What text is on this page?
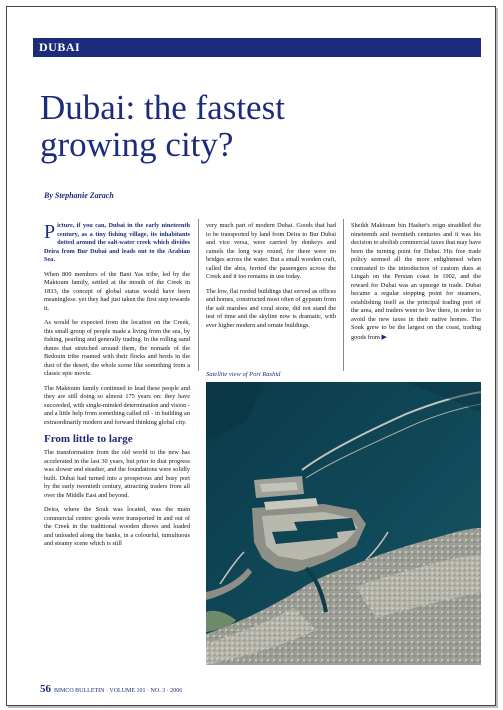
DUBAI
Dubai: the fastest
growing city?
By Stephanie Zarach

Picture, if you can, Dubai in the early nineteenth century, as a tiny fishing village, its inhabitants dotted around the salt-water creek which divides Deira from Bur Dubai and leads out to the Arabian Sea.

When 800 members of the Bani Yas tribe, led by the Maktoum family, settled at the mouth of the Creek in 1833, the concept of global status would have been meaningless: yet they had just taken the first step towards it.

As would be expected from the location on the Creek, this small group of people made a living from the sea, by fishing, pearling and generally trading. In the rolling sand dunes that stretched around them, the nomads of the Bedouin tribe roamed with their flocks and herds in the dust of the desert, the whole scene like something from a classic epic movie.

The Maktoum family continued to lead these people and they are still doing so almost 175 years on: they have succeeded, with single-minded determination and vision - and a little help from something called oil - in building an extraordinarily modern and forward thinking global city.

From little to large

The transformation from the old world to the new has accelerated in the last 30 years, but prior to that progress was slower and steadier, and the foundations were solidly built. Dubai had turned into a prosperous and busy port by the early twentieth century, attracting traders from all over the Middle East and beyond.

Deira, where the Souk was located, was the main commercial centre: goods were transported in and out of the Creek in the traditional wooden dhows and loaded and unloaded along the banks, in a colourful, tumultuous and steamy scene which is still

very much part of modern Dubai. Goods that had to be transported by land from Deira to Bur Dubai and vice versa, were carried by donkeys and camels the long way round, for there were no bridges across the water. But a small wooden craft, called the abra, ferried the passengers across the Creek and it too remains in use today.

The low, flat roofed buildings that served as offices and homes, constructed most often of gypsum from the salt marshes and coral stone, did not stand the test of time and the skyline now is dramatic, with ever higher modern and ornate buildings.

Sheikh Maktoum bin Hasher's reign straddled the nineteenth and twentieth centuries and it was his decision to abolish commercial taxes that may have been the turning point for Dubai. His free trade policy seemed all the more enlightened when contrasted to the introduction of custom dues at Lingah on the Persian coast in 1902, and the reward for Dubai was an upsurge in trade. Dubai became a regular stopping point for steamers, establishing itself as the principal trading port of the area, and traders went to live there, in order to avoid the new taxes in their native homes. The Souk grew to be the largest on the coast, trading goods from ▶

Satellite view of Port Rashid
56 BIMCO BULLETIN · VOLUME 101 · NO. 3 · 2006
